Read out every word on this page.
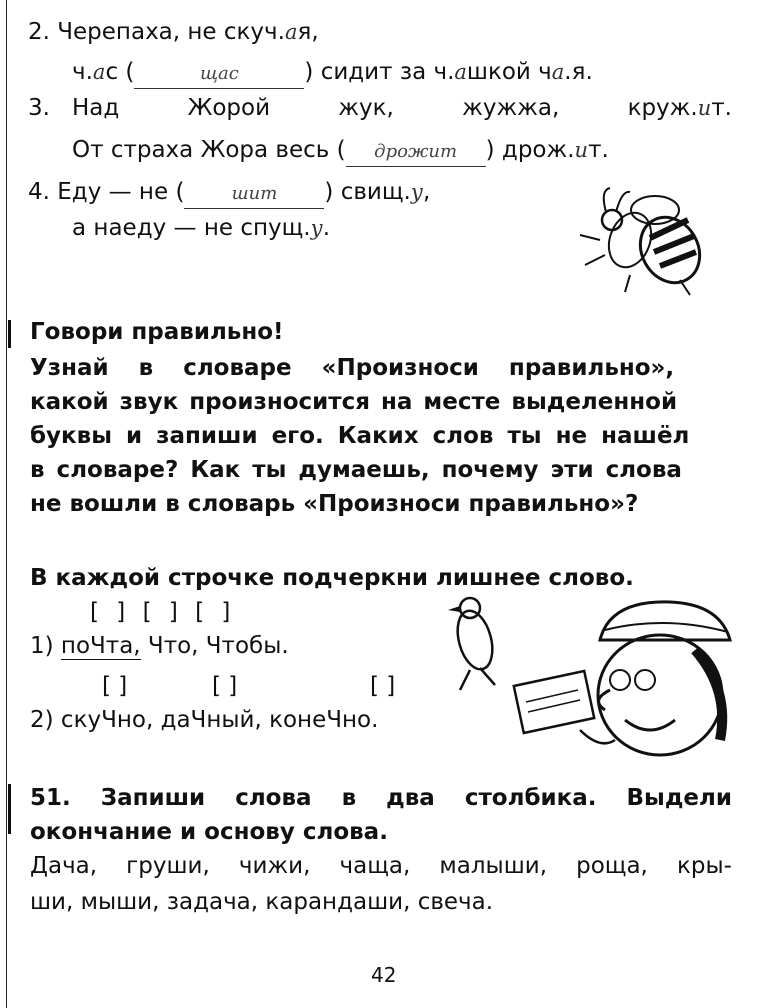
2. Черепаха, не скуч.ая,
ч.ас (	щас	) сидит за ч.ашкой ча.я.
3. Над	Жорой	жук,	жужжа,	круж.ит.
От страха Жора весь ( дрожит ) дрож.ит.
4. Еду — не (	шит ) свищ.у,
а наеду — не спущ.у.
Говори правильно!
Узнай в словаре «Произноси правильно»,
какой звук произносится на месте выделенной
буквы и запиши его. Каких слов ты не нашёл
в словаре? Как ты думаешь, почему эти слова
не вошли в словарь «Произноси правильно»?
В каждой строчке подчеркни лишнее слово.
[ ] [ ] [ ]
1) поЧта, Что, Чтобы.
[ ]	[ ]	[ ]
2) скуЧно, даЧный, конеЧно.
51. Запиши слова в два столбика. Выдели
окончание и основу слова.
Дача, груши, чижи, чаща, малыши, роща, кры-
ши, мыши, задача, карандаши, свеча.
42
